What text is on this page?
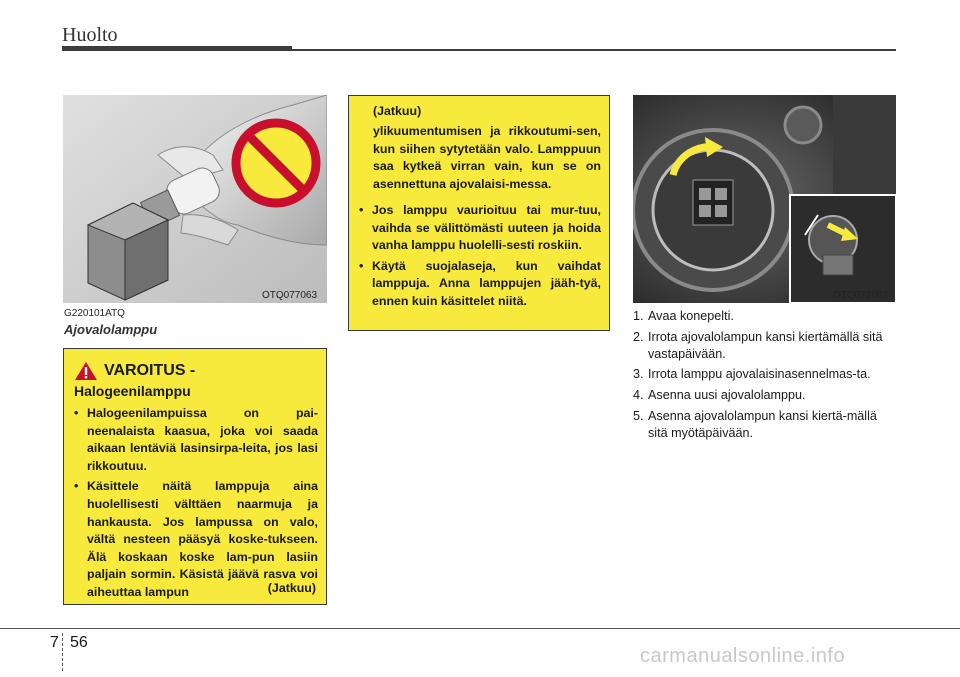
Huolto
OTQ077063
G220101ATQ
Ajovalolamppu
VAROITUS -
Halogeenilamppu
• Halogeenilampuissa on pai-neenalaista kaasua, joka voi saada aikaan lentäviä lasinsirpa-leita, jos lasi rikkoutuu.
• Käsittele näitä lamppuja aina huolellisesti välttäen naarmuja ja hankausta. Jos lampussa on valo, vältä nesteen pääsyä koske-tukseen. Älä koskaan koske lam-pun lasiin paljain sormin. Käsistä jäävä rasva voi aiheuttaa lampun	(Jatkuu)
(Jatkuu)

ylikuumentumisen ja rikkoutumi-sen, kun siihen sytytetään valo. Lamppuun saa kytkeä virran vain, kun se on asennettuna ajovalaisi-messa.

• Jos lamppu vaurioituu tai mur-tuu, vaihda se välittömästi uuteen ja hoida vanha lamppu huolelli-sesti roskiin.
• Käytä suojalaseja, kun vaihdat lamppuja. Anna lamppujen jääh-tyä, ennen kuin käsittelet niitä.	OTQ077062
1. Avaa konepelti.
2. Irrota ajovalolampun kansi kiertämällä sitä vastapäivään.
3. Irrota lamppu ajovalaisinasennelmas-ta.
4. Asenna uusi ajovalolamppu.
5. Asenna ajovalolampun kansi kiertä-mällä sitä myötäpäivään.
7 56
carmanualsonline.info
